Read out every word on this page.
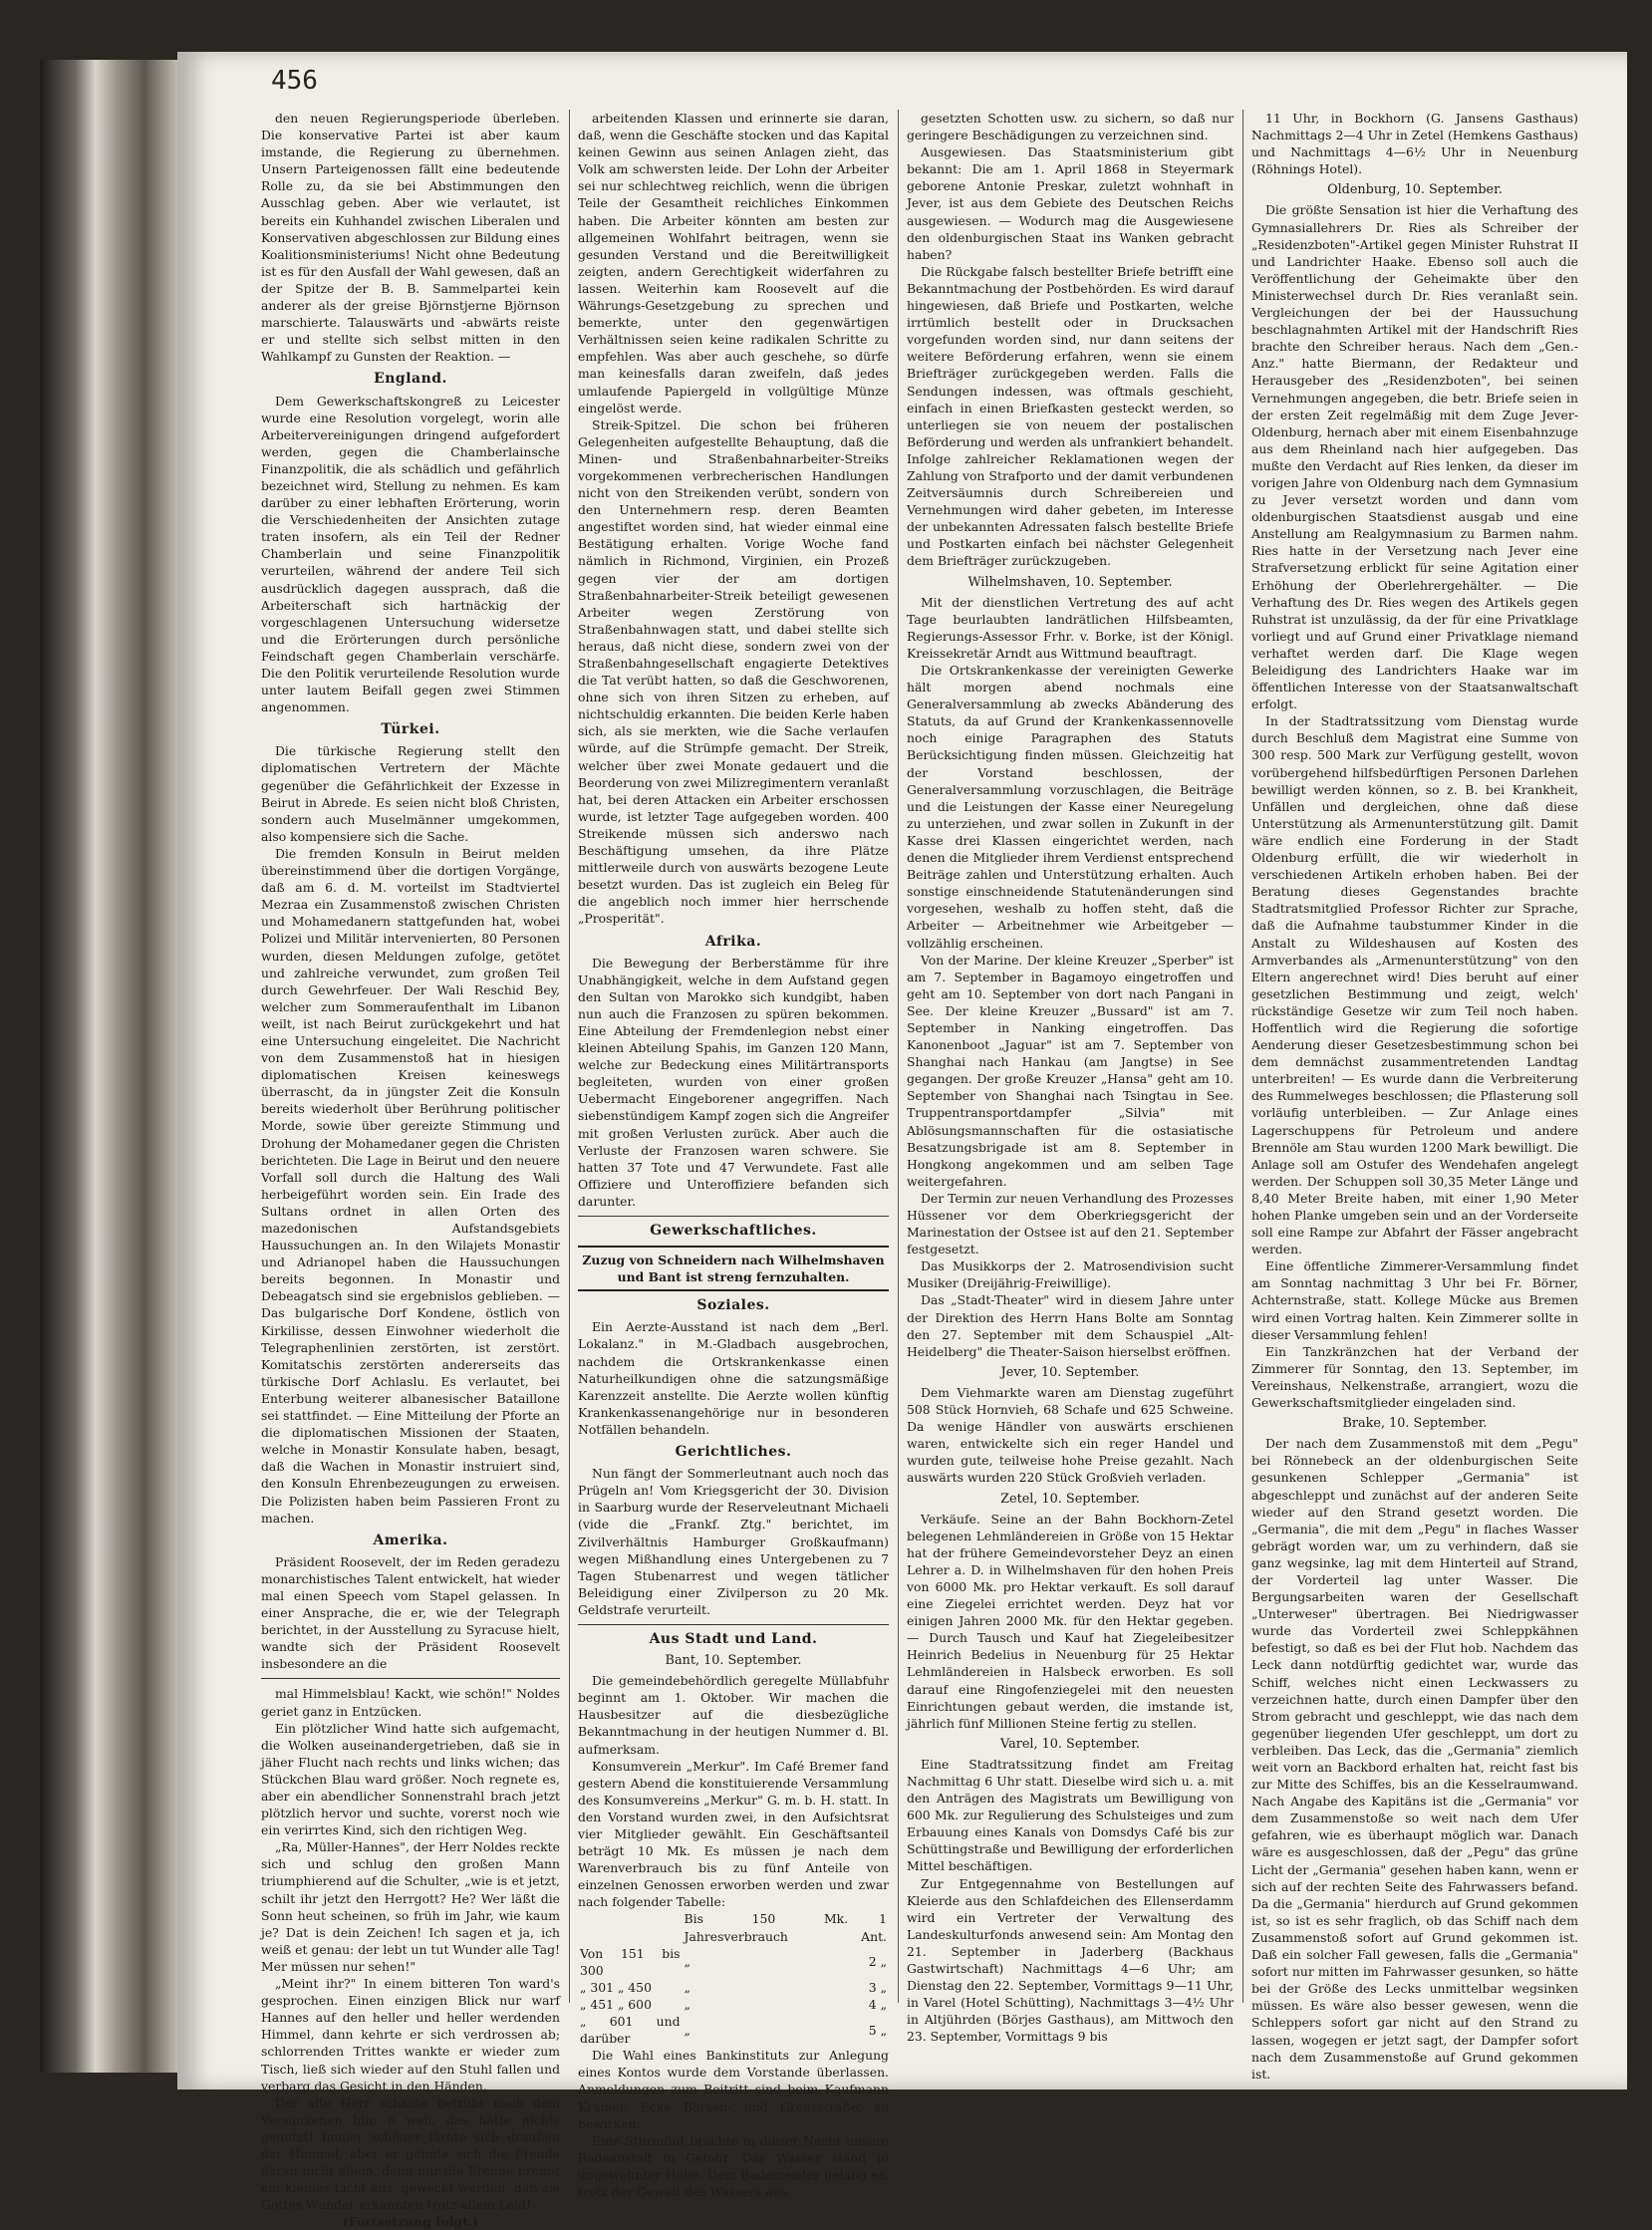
456

den neuen Regierungsperiode überleben. Die konservative Partei ist aber kaum imstande, die Regierung zu übernehmen. Unsern Parteigenossen fällt eine bedeutende Rolle zu, da sie bei Abstimmungen den Ausschlag geben. Aber wie verlautet, ist bereits ein Kuhhandel zwischen Liberalen und Konservativen abgeschlossen zur Bildung eines Koalitionsministeriums! Nicht ohne Bedeutung ist es für den Ausfall der Wahl gewesen, daß an der Spitze der B. B. Sammelpartei kein anderer als der greise Björnstjerne Björnson marschierte. Talauswärts und -abwärts reiste er und stellte sich selbst mitten in den Wahlkampf zu Gunsten der Reaktion. —

England.

Dem Gewerkschaftskongreß zu Leicester wurde eine Resolution vorgelegt, worin alle Arbeitervereinigungen dringend aufgefordert werden, gegen die Chamberlainsche Finanzpolitik, die als schädlich und gefährlich bezeichnet wird, Stellung zu nehmen. Es kam darüber zu einer lebhaften Erörterung, worin die Verschiedenheiten der Ansichten zutage traten insofern, als ein Teil der Redner Chamberlain und seine Finanzpolitik verurteilen, während der andere Teil sich ausdrücklich dagegen aussprach, daß die Arbeiterschaft sich hartnäckig der vorgeschlagenen Untersuchung widersetze und die Erörterungen durch persönliche Feindschaft gegen Chamberlain verschärfe. Die den Politik verurteilende Resolution wurde unter lautem Beifall gegen zwei Stimmen angenommen.

Türkei.

Die türkische Regierung stellt den diplomatischen Vertretern der Mächte gegenüber die Gefährlichkeit der Exzesse in Beirut in Abrede. Es seien nicht bloß Christen, sondern auch Muselmänner umgekommen, also kompensiere sich die Sache.

Die fremden Konsuln in Beirut melden übereinstimmend über die dortigen Vorgänge, daß am 6. d. M. vorteilst im Stadtviertel Mezraa ein Zusammenstoß zwischen Christen und Mohamedanern stattgefunden hat, wobei Polizei und Militär intervenierten, 80 Personen wurden, diesen Meldungen zufolge, getötet und zahlreiche verwundet, zum großen Teil durch Gewehrfeuer. Der Wali Reschid Bey, welcher zum Sommeraufenthalt im Libanon weilt, ist nach Beirut zurückgekehrt und hat eine Untersuchung eingeleitet. Die Nachricht von dem Zusammenstoß hat in hiesigen diplomatischen Kreisen keineswegs überrascht, da in jüngster Zeit die Konsuln bereits wiederholt über Berührung politischer Morde, sowie über gereizte Stimmung und Drohung der Mohamedaner gegen die Christen berichteten. Die Lage in Beirut und den neuere Vorfall soll durch die Haltung des Wali herbeigeführt worden sein. Ein Irade des Sultans ordnet in allen Orten des mazedonischen Aufstandsgebiets Haussuchungen an. In den Wilajets Monastir und Adrianopel haben die Haussuchungen bereits begonnen. In Monastir und Debeagatsch sind sie ergebnislos geblieben. — Das bulgarische Dorf Kondene, östlich von Kirkilisse, dessen Einwohner wiederholt die Telegraphenlinien zerstörten, ist zerstört. Komitatschis zerstörten andererseits das türkische Dorf Achlaslu. Es verlautet, bei Enterbung weiterer albanesischer Bataillone sei stattfindet. — Eine Mitteilung der Pforte an die diplomatischen Missionen der Staaten, welche in Monastir Konsulate haben, besagt, daß die Wachen in Monastir instruiert sind, den Konsuln Ehrenbezeugungen zu erweisen. Die Polizisten haben beim Passieren Front zu machen.

Amerika.

Präsident Roosevelt, der im Reden geradezu monarchistisches Talent entwickelt, hat wieder mal einen Speech vom Stapel gelassen. In einer Ansprache, die er, wie der Telegraph berichtet, in der Ausstellung zu Syracuse hielt, wandte sich der Präsident Roosevelt insbesondere an die

mal Himmelsblau! Kackt, wie schön!" Noldes geriet ganz in Entzücken.

Ein plötzlicher Wind hatte sich aufgemacht, die Wolken auseinandergetrieben, daß sie in jäher Flucht nach rechts und links wichen; das Stückchen Blau ward größer. Noch regnete es, aber ein abendlicher Sonnenstrahl brach jetzt plötzlich hervor und suchte, vorerst noch wie ein verirrtes Kind, sich den richtigen Weg.

„Ra, Müller-Hannes", der Herr Noldes reckte sich und schlug den großen Mann triumphierend auf die Schulter, „wie is et jetzt, schilt ihr jetzt den Herrgott? He? Wer läßt die Sonn heut scheinen, so früh im Jahr, wie kaum je? Dat is dein Zeichen! Ich sagen et ja, ich weiß et genau: der lebt un tut Wunder alle Tag! Mer müssen nur sehen!"

„Meint ihr?" In einem bitteren Ton ward's gesprochen. Einen einzigen Blick nur warf Hannes auf den heller und heller werdenden Himmel, dann kehrte er sich verdrossen ab; schlorrenden Trittes wankte er wieder zum Tisch, ließ sich wieder auf den Stuhl fallen und verbarg das Gesicht in den Händen.

Der alte Herr schaute betrübt nach dem Versunkenen hin: o weh, das hatte nichts genutzt! Immer schöner färbte sich draußen der Himmel, aber er gönnte sich die Freude daran nicht allein, denn nur die Freude brennt ein kleines Licht aus, geweckt werden, daß sie Gottes Wunder erkannten trotz allem Leid!

(Fortsetzung folgt.)

arbeitenden Klassen und erinnerte sie daran, daß, wenn die Geschäfte stocken und das Kapital keinen Gewinn aus seinen Anlagen zieht, das Volk am schwersten leide. Der Lohn der Arbeiter sei nur schlechtweg reichlich, wenn die übrigen Teile der Gesamtheit reichliches Einkommen haben. Die Arbeiter könnten am besten zur allgemeinen Wohlfahrt beitragen, wenn sie gesunden Verstand und die Bereitwilligkeit zeigten, andern Gerechtigkeit widerfahren zu lassen. Weiterhin kam Roosevelt auf die Währungs-Gesetzgebung zu sprechen und bemerkte, unter den gegenwärtigen Verhältnissen seien keine radikalen Schritte zu empfehlen. Was aber auch geschehe, so dürfe man keinesfalls daran zweifeln, daß jedes umlaufende Papiergeld in vollgültige Münze eingelöst werde.

Streik-Spitzel. Die schon bei früheren Gelegenheiten aufgestellte Behauptung, daß die Minen- und Straßenbahnarbeiter-Streiks vorgekommenen verbrecherischen Handlungen nicht von den Streikenden verübt, sondern von den Unternehmern resp. deren Beamten angestiftet worden sind, hat wieder einmal eine Bestätigung erhalten. Vorige Woche fand nämlich in Richmond, Virginien, ein Prozeß gegen vier der am dortigen Straßenbahnarbeiter-Streik beteiligt gewesenen Arbeiter wegen Zerstörung von Straßenbahnwagen statt, und dabei stellte sich heraus, daß nicht diese, sondern zwei von der Straßenbahngesellschaft engagierte Detektives die Tat verübt hatten, so daß die Geschworenen, ohne sich von ihren Sitzen zu erheben, auf nichtschuldig erkannten. Die beiden Kerle haben sich, als sie merkten, wie die Sache verlaufen würde, auf die Strümpfe gemacht. Der Streik, welcher über zwei Monate gedauert und die Beorderung von zwei Milizregimentern veranlaßt hat, bei deren Attacken ein Arbeiter erschossen wurde, ist letzter Tage aufgegeben worden. 400 Streikende müssen sich anderswo nach Beschäftigung umsehen, da ihre Plätze mittlerweile durch von auswärts bezogene Leute besetzt wurden. Das ist zugleich ein Beleg für die angeblich noch immer hier herrschende „Prosperität".

Afrika.

Die Bewegung der Berberstämme für ihre Unabhängigkeit, welche in dem Aufstand gegen den Sultan von Marokko sich kundgibt, haben nun auch die Franzosen zu spüren bekommen. Eine Abteilung der Fremdenlegion nebst einer kleinen Abteilung Spahis, im Ganzen 120 Mann, welche zur Bedeckung eines Militärtransports begleiteten, wurden von einer großen Uebermacht Eingeborener angegriffen. Nach siebenstündigem Kampf zogen sich die Angreifer mit großen Verlusten zurück. Aber auch die Verluste der Franzosen waren schwere. Sie hatten 37 Tote und 47 Verwundete. Fast alle Offiziere und Unteroffiziere befanden sich darunter.

Gewerkschaftliches.
Zuzug von Schneidern nach Wilhelmshaven und Bant ist streng fernzuhalten.
Soziales.

Ein Aerzte-Ausstand ist nach dem „Berl. Lokalanz." in M.-Gladbach ausgebrochen, nachdem die Ortskrankenkasse einen Naturheilkundigen ohne die satzungsmäßige Karenzzeit anstellte. Die Aerzte wollen künftig Krankenkassenangehörige nur in besonderen Notfällen behandeln.

Gerichtliches.

Nun fängt der Sommerleutnant auch noch das Prügeln an! Vom Kriegsgericht der 30. Division in Saarburg wurde der Reserveleutnant Michaeli (vide die „Frankf. Ztg." berichtet, im Zivilverhältnis Hamburger Großkaufmann) wegen Mißhandlung eines Untergebenen zu 7 Tagen Stubenarrest und wegen tätlicher Beleidigung einer Zivilperson zu 20 Mk. Geldstrafe verurteilt.

Aus Stadt und Land.
Bant, 10. September.

Die gemeindebehördlich geregelte Müllabfuhr beginnt am 1. Oktober. Wir machen die Hausbesitzer auf die diesbezügliche Bekanntmachung in der heutigen Nummer d. Bl. aufmerksam.

Konsumverein „Merkur". Im Café Bremer fand gestern Abend die konstituierende Versammlung des Konsumvereins „Merkur" G. m. b. H. statt. In den Vorstand wurden zwei, in den Aufsichtsrat vier Mitglieder gewählt. Ein Geschäftsanteil beträgt 10 Mk. Es müssen je nach dem Warenverbrauch bis zu fünf Anteile von einzelnen Genossen erworben werden und zwar nach folgender Tabelle:

	Bis 150 Mk. Jahresverbrauch	1 Ant.
Von 151 bis 300	„	2 „
„ 301 „ 450	„	3 „
„ 451 „ 600	„	4 „
„ 601 und darüber	„	5 „

Die Wahl eines Bankinstituts zur Anlegung eines Kontos wurde dem Vorstande überlassen. Anmeldungen zum Beitritt sind beim Kaufmann Kramer, Ecke Börsen- und Grenzstraße, zu bewirken.

Eine Sturmflut brachte in dieser Nacht unsere Badeanstalt in Gefahr. Das Wasser stand in ungewohnter Höhe. Dem Bademeister gelang es, trotz der Gewalt des Wassers aus-

gesetzten Schotten usw. zu sichern, so daß nur geringere Beschädigungen zu verzeichnen sind.

Ausgewiesen. Das Staatsministerium gibt bekannt: Die am 1. April 1868 in Steyermark geborene Antonie Preskar, zuletzt wohnhaft in Jever, ist aus dem Gebiete des Deutschen Reichs ausgewiesen. — Wodurch mag die Ausgewiesene den oldenburgischen Staat ins Wanken gebracht haben?

Die Rückgabe falsch bestellter Briefe betrifft eine Bekanntmachung der Postbehörden. Es wird darauf hingewiesen, daß Briefe und Postkarten, welche irrtümlich bestellt oder in Drucksachen vorgefunden worden sind, nur dann seitens der weitere Beförderung erfahren, wenn sie einem Briefträger zurückgegeben werden. Falls die Sendungen indessen, was oftmals geschieht, einfach in einen Briefkasten gesteckt werden, so unterliegen sie von neuem der postalischen Beförderung und werden als unfrankiert behandelt. Infolge zahlreicher Reklamationen wegen der Zahlung von Strafporto und der damit verbundenen Zeitversäumnis durch Schreibereien und Vernehmungen wird daher gebeten, im Interesse der unbekannten Adressaten falsch bestellte Briefe und Postkarten einfach bei nächster Gelegenheit dem Briefträger zurückzugeben.

Wilhelmshaven, 10. September.

Mit der dienstlichen Vertretung des auf acht Tage beurlaubten landrätlichen Hilfsbeamten, Regierungs-Assessor Frhr. v. Borke, ist der Königl. Kreissekretär Arndt aus Wittmund beauftragt.

Die Ortskrankenkasse der vereinigten Gewerke hält morgen abend nochmals eine Generalversammlung ab zwecks Abänderung des Statuts, da auf Grund der Krankenkassennovelle noch einige Paragraphen des Statuts Berücksichtigung finden müssen. Gleichzeitig hat der Vorstand beschlossen, der Generalversammlung vorzuschlagen, die Beiträge und die Leistungen der Kasse einer Neuregelung zu unterziehen, und zwar sollen in Zukunft in der Kasse drei Klassen eingerichtet werden, nach denen die Mitglieder ihrem Verdienst entsprechend Beiträge zahlen und Unterstützung erhalten. Auch sonstige einschneidende Statutenänderungen sind vorgesehen, weshalb zu hoffen steht, daß die Arbeiter — Arbeitnehmer wie Arbeitgeber — vollzählig erscheinen.

Von der Marine. Der kleine Kreuzer „Sperber" ist am 7. September in Bagamoyo eingetroffen und geht am 10. September von dort nach Pangani in See. Der kleine Kreuzer „Bussard" ist am 7. September in Nanking eingetroffen. Das Kanonenboot „Jaguar" ist am 7. September von Shanghai nach Hankau (am Jangtse) in See gegangen. Der große Kreuzer „Hansa" geht am 10. September von Shanghai nach Tsingtau in See. Truppentransportdampfer „Silvia" mit Ablösungsmannschaften für die ostasiatische Besatzungsbrigade ist am 8. September in Hongkong angekommen und am selben Tage weitergefahren.

Der Termin zur neuen Verhandlung des Prozesses Hüssener vor dem Oberkriegsgericht der Marinestation der Ostsee ist auf den 21. September festgesetzt.

Das Musikkorps der 2. Matrosendivision sucht Musiker (Dreijährig-Freiwillige).

Das „Stadt-Theater" wird in diesem Jahre unter der Direktion des Herrn Hans Bolte am Sonntag den 27. September mit dem Schauspiel „Alt-Heidelberg" die Theater-Saison hierselbst eröffnen.

Jever, 10. September.

Dem Viehmarkte waren am Dienstag zugeführt 508 Stück Hornvieh, 68 Schafe und 625 Schweine. Da wenige Händler von auswärts erschienen waren, entwickelte sich ein reger Handel und wurden gute, teilweise hohe Preise gezahlt. Nach auswärts wurden 220 Stück Großvieh verladen.

Zetel, 10. September.

Verkäufe. Seine an der Bahn Bockhorn-Zetel belegenen Lehmländereien in Größe von 15 Hektar hat der frühere Gemeindevorsteher Deyz an einen Lehrer a. D. in Wilhelmshaven für den hohen Preis von 6000 Mk. pro Hektar verkauft. Es soll darauf eine Ziegelei errichtet werden. Deyz hat vor einigen Jahren 2000 Mk. für den Hektar gegeben. — Durch Tausch und Kauf hat Ziegeleibesitzer Heinrich Bedelius in Neuenburg für 25 Hektar Lehmländereien in Halsbeck erworben. Es soll darauf eine Ringofenziegelei mit den neuesten Einrichtungen gebaut werden, die imstande ist, jährlich fünf Millionen Steine fertig zu stellen.

Varel, 10. September.

Eine Stadtratssitzung findet am Freitag Nachmittag 6 Uhr statt. Dieselbe wird sich u. a. mit den Anträgen des Magistrats um Bewilligung von 600 Mk. zur Regulierung des Schulsteiges und zum Erbauung eines Kanals von Domsdys Café bis zur Schüttingstraße und Bewilligung der erforderlichen Mittel beschäftigen.

Zur Entgegennahme von Bestellungen auf Kleierde aus den Schlafdeichen des Ellenserdamm wird ein Vertreter der Verwaltung des Landeskulturfonds anwesend sein: Am Montag den 21. September in Jaderberg (Backhaus Gastwirtschaft) Nachmittags 4—6 Uhr; am Dienstag den 22. September, Vormittags 9—11 Uhr, in Varel (Hotel Schütting), Nachmittags 3—4½ Uhr in Altjührden (Börjes Gasthaus), am Mittwoch den 23. September, Vormittags 9 bis

11 Uhr, in Bockhorn (G. Jansens Gasthaus) Nachmittags 2—4 Uhr in Zetel (Hemkens Gasthaus) und Nachmittags 4—6½ Uhr in Neuenburg (Röhnings Hotel).

Oldenburg, 10. September.

Die größte Sensation ist hier die Verhaftung des Gymnasiallehrers Dr. Ries als Schreiber der „Residenzboten"-Artikel gegen Minister Ruhstrat II und Landrichter Haake. Ebenso soll auch die Veröffentlichung der Geheimakte über den Ministerwechsel durch Dr. Ries veranlaßt sein. Vergleichungen der bei der Haussuchung beschlagnahmten Artikel mit der Handschrift Ries brachte den Schreiber heraus. Nach dem „Gen.-Anz." hatte Biermann, der Redakteur und Herausgeber des „Residenzboten", bei seinen Vernehmungen angegeben, die betr. Briefe seien in der ersten Zeit regelmäßig mit dem Zuge Jever-Oldenburg, hernach aber mit einem Eisenbahnzuge aus dem Rheinland nach hier aufgegeben. Das mußte den Verdacht auf Ries lenken, da dieser im vorigen Jahre von Oldenburg nach dem Gymnasium zu Jever versetzt worden und dann vom oldenburgischen Staatsdienst ausgab und eine Anstellung am Realgymnasium zu Barmen nahm. Ries hatte in der Versetzung nach Jever eine Strafversetzung erblickt für seine Agitation einer Erhöhung der Oberlehrergehälter. — Die Verhaftung des Dr. Ries wegen des Artikels gegen Ruhstrat ist unzulässig, da der für eine Privatklage vorliegt und auf Grund einer Privatklage niemand verhaftet werden darf. Die Klage wegen Beleidigung des Landrichters Haake war im öffentlichen Interesse von der Staatsanwaltschaft erfolgt.

In der Stadtratssitzung vom Dienstag wurde durch Beschluß dem Magistrat eine Summe von 300 resp. 500 Mark zur Verfügung gestellt, wovon vorübergehend hilfsbedürftigen Personen Darlehen bewilligt werden können, so z. B. bei Krankheit, Unfällen und dergleichen, ohne daß diese Unterstützung als Armenunterstützung gilt. Damit wäre endlich eine Forderung in der Stadt Oldenburg erfüllt, die wir wiederholt in verschiedenen Artikeln erhoben haben. Bei der Beratung dieses Gegenstandes brachte Stadtratsmitglied Professor Richter zur Sprache, daß die Aufnahme taubstummer Kinder in die Anstalt zu Wildeshausen auf Kosten des Armverbandes als „Armenunterstützung" von den Eltern angerechnet wird! Dies beruht auf einer gesetzlichen Bestimmung und zeigt, welch' rückständige Gesetze wir zum Teil noch haben. Hoffentlich wird die Regierung die sofortige Aenderung dieser Gesetzesbestimmung schon bei dem demnächst zusammentretenden Landtag unterbreiten! — Es wurde dann die Verbreiterung des Rummelweges beschlossen; die Pflasterung soll vorläufig unterbleiben. — Zur Anlage eines Lagerschuppens für Petroleum und andere Brennöle am Stau wurden 1200 Mark bewilligt. Die Anlage soll am Ostufer des Wendehafen angelegt werden. Der Schuppen soll 30,35 Meter Länge und 8,40 Meter Breite haben, mit einer 1,90 Meter hohen Planke umgeben sein und an der Vorderseite soll eine Rampe zur Abfahrt der Fässer angebracht werden.

Eine öffentliche Zimmerer-Versammlung findet am Sonntag nachmittag 3 Uhr bei Fr. Börner, Achternstraße, statt. Kollege Mücke aus Bremen wird einen Vortrag halten. Kein Zimmerer sollte in dieser Versammlung fehlen!

Ein Tanzkränzchen hat der Verband der Zimmerer für Sonntag, den 13. September, im Vereinshaus, Nelkenstraße, arrangiert, wozu die Gewerkschaftsmitglieder eingeladen sind.

Brake, 10. September.

Der nach dem Zusammenstoß mit dem „Pegu" bei Rönnebeck an der oldenburgischen Seite gesunkenen Schlepper „Germania" ist abgeschleppt und zunächst auf der anderen Seite wieder auf den Strand gesetzt worden. Die „Germania", die mit dem „Pegu" in flaches Wasser gebrägt worden war, um zu verhindern, daß sie ganz wegsinke, lag mit dem Hinterteil auf Strand, der Vorderteil lag unter Wasser. Die Bergungsarbeiten waren der Gesellschaft „Unterweser" übertragen. Bei Niedrigwasser wurde das Vorderteil zwei Schleppkähnen befestigt, so daß es bei der Flut hob. Nachdem das Leck dann notdürftig gedichtet war, wurde das Schiff, welches nicht einen Leckwassers zu verzeichnen hatte, durch einen Dampfer über den Strom gebracht und geschleppt, wie das nach dem gegenüber liegenden Ufer geschleppt, um dort zu verbleiben. Das Leck, das die „Germania" ziemlich weit vorn an Backbord erhalten hat, reicht fast bis zur Mitte des Schiffes, bis an die Kesselraumwand. Nach Angabe des Kapitäns ist die „Germania" vor dem Zusammenstoße so weit nach dem Ufer gefahren, wie es überhaupt möglich war. Danach wäre es ausgeschlossen, daß der „Pegu" das grüne Licht der „Germania" gesehen haben kann, wenn er sich auf der rechten Seite des Fahrwassers befand. Da die „Germania" hierdurch auf Grund gekommen ist, so ist es sehr fraglich, ob das Schiff nach dem Zusammenstoß sofort auf Grund gekommen ist. Daß ein solcher Fall gewesen, falls die „Germania" sofort nur mitten im Fahrwasser gesunken, so hätte bei der Größe des Lecks unmittelbar wegsinken müssen. Es wäre also besser gewesen, wenn die Schleppers sofort gar nicht auf den Strand zu lassen, wogegen er jetzt sagt, der Dampfer sofort nach dem Zusammenstoße auf Grund gekommen ist.
